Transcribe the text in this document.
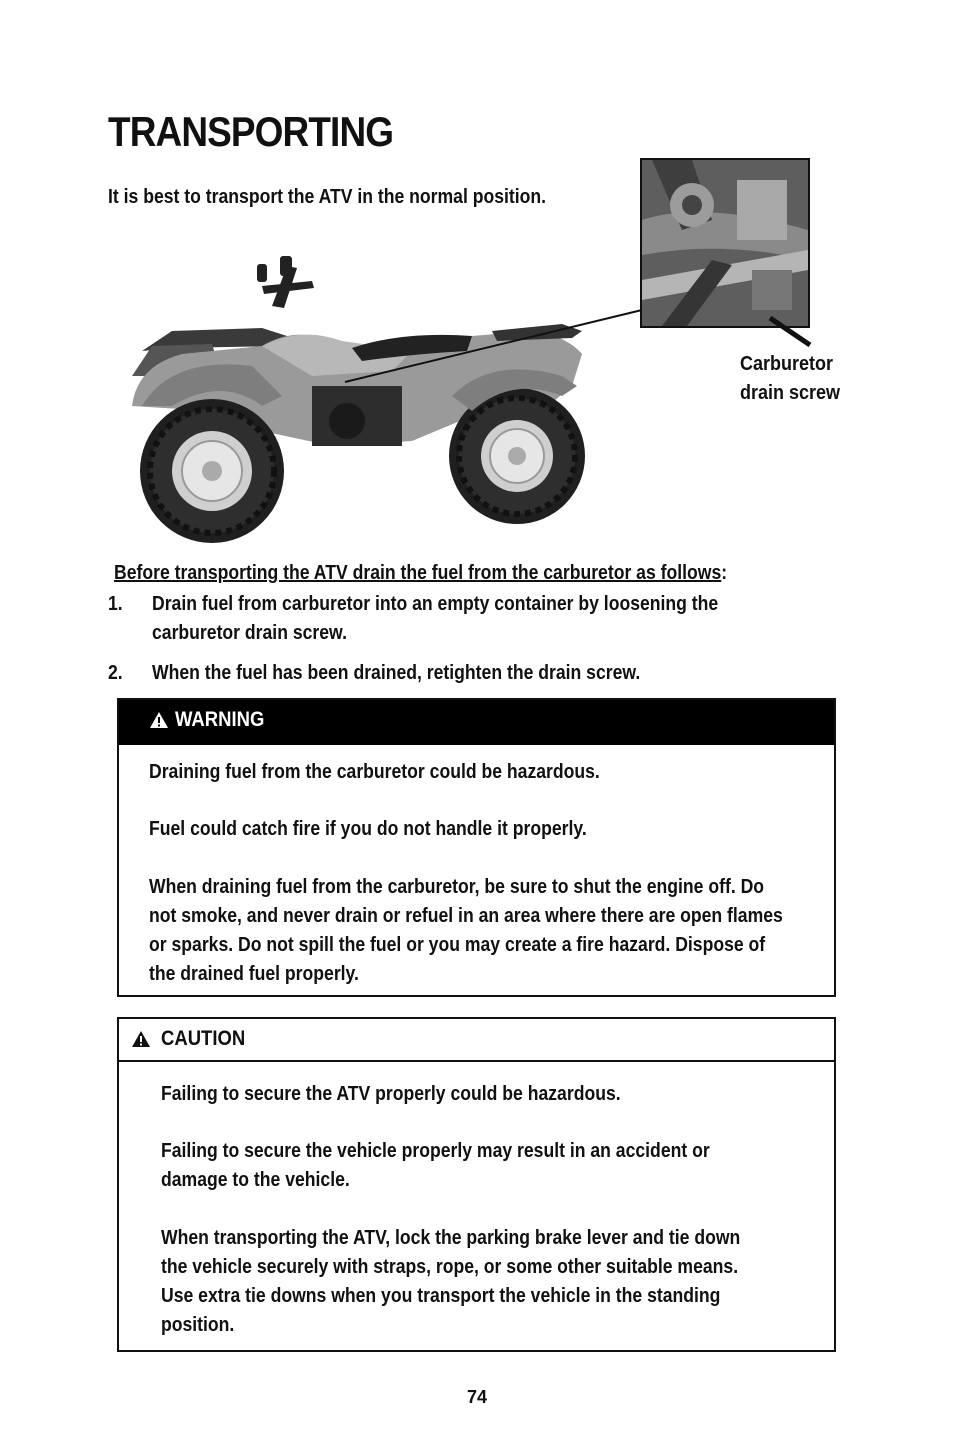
TRANSPORTING
It is best to transport the ATV in the normal position.
Carburetor
drain screw
Before transporting the ATV drain the fuel from the carburetor as follows:
1. Drain fuel from carburetor into an empty container by loosening the
carburetor drain screw.
2. When the fuel has been drained, retighten the drain screw.
WARNING
Draining fuel from the carburetor could be hazardous.
Fuel could catch fire if you do not handle it properly.
When draining fuel from the carburetor, be sure to shut the engine off. Do
not smoke, and never drain or refuel in an area where there are open flames
or sparks. Do not spill the fuel or you may create a fire hazard. Dispose of
the drained fuel properly.
CAUTION
Failing to secure the ATV properly could be hazardous.
Failing to secure the vehicle properly may result in an accident or
damage to the vehicle.
When transporting the ATV, lock the parking brake lever and tie down
the vehicle securely with straps, rope, or some other suitable means.
Use extra tie downs when you transport the vehicle in the standing
position.
74
